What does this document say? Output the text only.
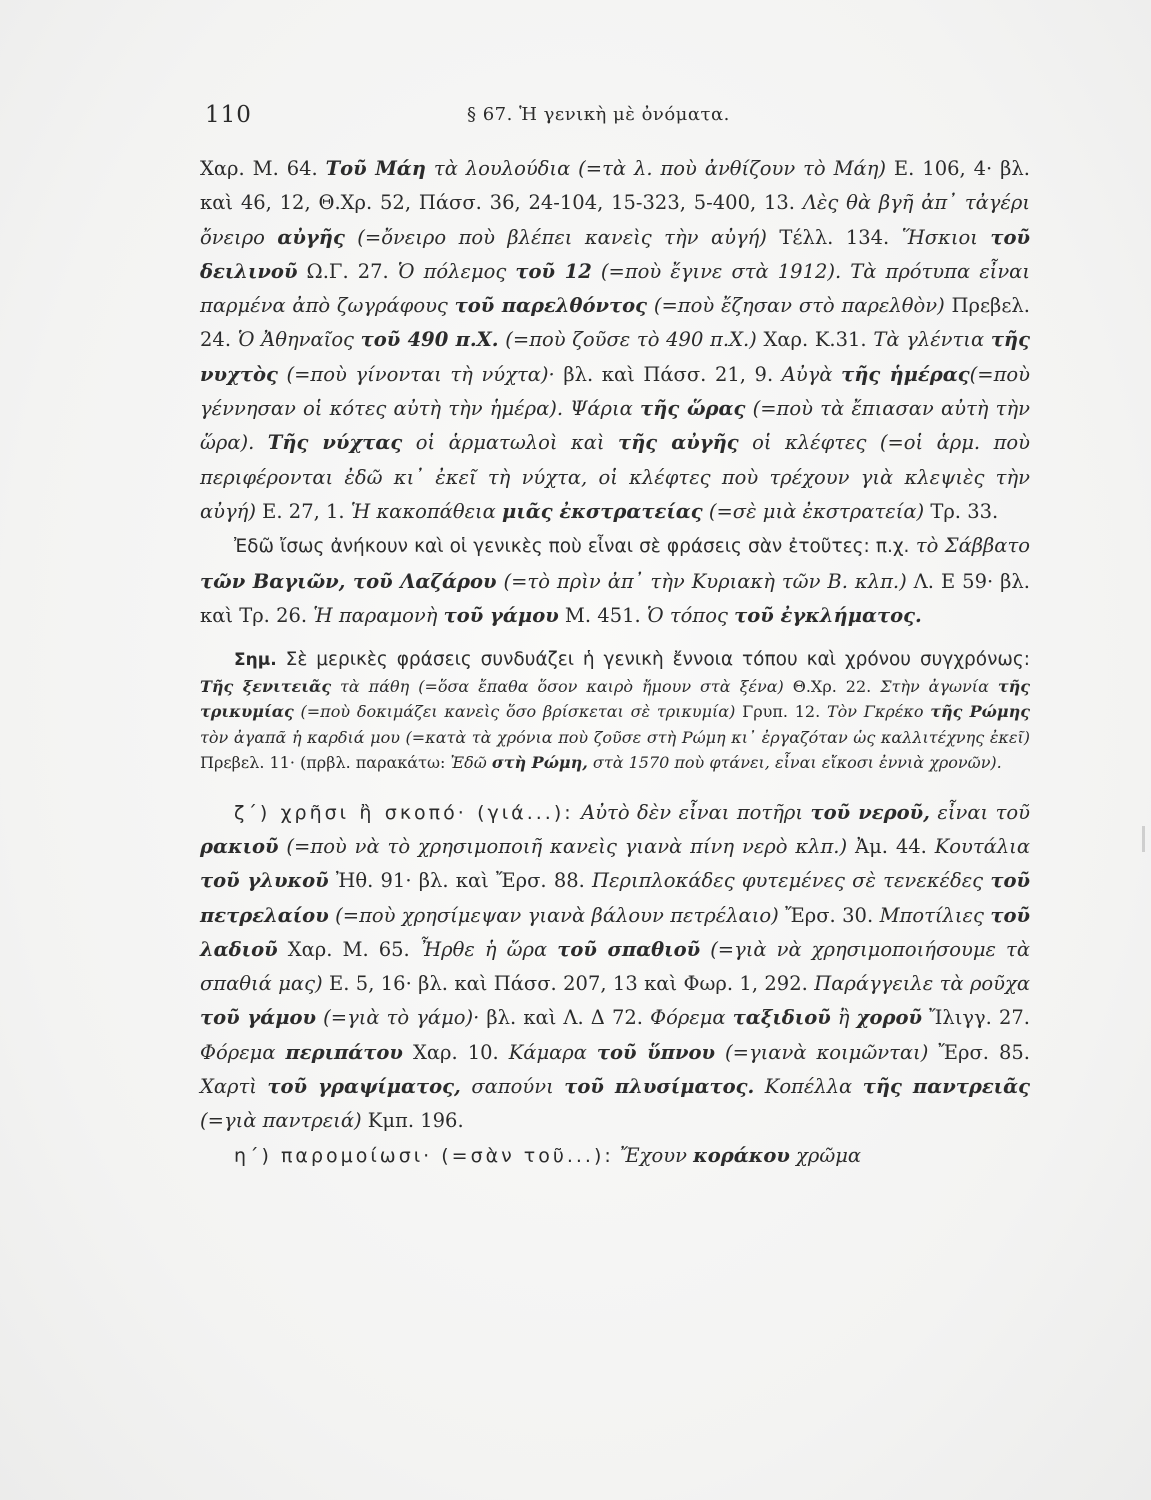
110	§ 67. Ἡ γενικὴ μὲ ὀνόματα.

Χαρ. Μ. 64. Τοῦ Μάη τὰ λουλούδια (=τὰ λ. ποὺ ἀνθίζουν τὸ Μάη) Ε. 106, 4· βλ. καὶ 46, 12, Θ.Χρ. 52, Πάσσ. 36, 24-104, 15-323, 5-400, 13. Λὲς θὰ βγῆ ἀπ᾽ τἀγέρι ὄνειρο αὐγῆς (=ὄνειρο ποὺ βλέπει κανεὶς τὴν αὐγή) Τέλλ. 134. Ἥσκιοι τοῦ δειλινοῦ Ω.Γ. 27. Ὁ πόλεμος τοῦ 12 (=ποὺ ἔγινε στὰ 1912). Τὰ πρότυπα εἶναι παρμένα ἀπὸ ζωγράφους τοῦ παρελθόντος (=ποὺ ἔζησαν στὸ παρελθὸν) Πρεβελ. 24. Ὁ Ἀθηναῖος τοῦ 490 π.Χ. (=ποὺ ζοῦσε τὸ 490 π.Χ.) Χαρ. Κ.31. Τὰ γλέντια τῆς νυχτὸς (=ποὺ γίνονται τὴ νύχτα)· βλ. καὶ Πάσσ. 21, 9. Αὐγὰ τῆς ἡμέρας(=ποὺ γέννησαν οἱ κότες αὐτὴ τὴν ἡμέρα). Ψάρια τῆς ὥρας (=ποὺ τὰ ἔπιασαν αὐτὴ τὴν ὥρα). Τῆς νύχτας οἱ ἁρματωλοὶ καὶ τῆς αὐγῆς οἱ κλέφτες (=οἱ ἁρμ. ποὺ περιφέρονται ἐδῶ κι᾽ ἐκεῖ τὴ νύχτα, οἱ κλέφτες ποὺ τρέχουν γιὰ κλεψιὲς τὴν αὐγή) Ε. 27, 1. Ἡ κακοπάθεια μιᾶς ἐκστρατείας (=σὲ μιὰ ἐκστρατεία) Τρ. 33.

Ἐδῶ ἴσως ἀνήκουν καὶ οἱ γενικὲς ποὺ εἶναι σὲ φράσεις σὰν ἐτοῦτες: π.χ. τὸ Σάββατο τῶν Βαγιῶν, τοῦ Λαζάρου (=τὸ πρὶν ἀπ᾽ τὴν Κυριακὴ τῶν Β. κλπ.) Λ. Ε 59· βλ. καὶ Τρ. 26. Ἡ παραμονὴ τοῦ γάμου Μ. 451. Ὁ τόπος τοῦ ἐγκλήματος.

Σημ. Σὲ μερικὲς φράσεις συνδυάζει ἡ γενικὴ ἔννοια τόπου καὶ χρόνου συγχρόνως: Τῆς ξενιτειᾶς τὰ πάθη (=ὅσα ἔπαθα ὅσον καιρὸ ἤμουν στὰ ξένα) Θ.Χρ. 22. Στὴν ἀγωνία τῆς τρικυμίας (=ποὺ δοκιμάζει κανεὶς ὅσο βρίσκεται σὲ τρικυμία) Γρυπ. 12. Τὸν Γκρέκο τῆς Ρώμης τὸν ἀγαπᾶ ἡ καρδιά μου (=κατὰ τὰ χρόνια ποὺ ζοῦσε στὴ Ρώμη κι᾽ ἐργαζόταν ὡς καλλιτέχνης ἐκεῖ) Πρεβελ. 11· (πρβλ. παρακάτω: Ἐδῶ στὴ Ρώμη, στὰ 1570 ποὺ φτάνει, εἶναι εἴκοσι ἐννιὰ χρονῶν).

ζ´) χρῆσι ἢ σκοπό· (γιά...): Αὐτὸ δὲν εἶναι ποτῆρι τοῦ νεροῦ, εἶναι τοῦ ρακιοῦ (=ποὺ νὰ τὸ χρησιμοποιῆ κανεὶς γιανὰ πίνη νερὸ κλπ.) Ἀμ. 44. Κουτάλια τοῦ γλυκοῦ Ἠθ. 91· βλ. καὶ Ἔρσ. 88. Περιπλοκάδες φυτεμένες σὲ τενεκέδες τοῦ πετρελαίου (=ποὺ χρησίμεψαν γιανὰ βάλουν πετρέλαιο) Ἔρσ. 30. Μποτίλιες τοῦ λαδιοῦ Χαρ. Μ. 65. Ἦρθε ἡ ὥρα τοῦ σπαθιοῦ (=γιὰ νὰ χρησιμοποιήσουμε τὰ σπαθιά μας) Ε. 5, 16· βλ. καὶ Πάσσ. 207, 13 καὶ Φωρ. 1, 292. Παράγγειλε τὰ ροῦχα τοῦ γάμου (=γιὰ τὸ γάμο)· βλ. καὶ Λ. Δ 72. Φόρεμα ταξιδιοῦ ἢ χοροῦ Ἴλιγγ. 27. Φόρεμα περιπάτου Χαρ. 10. Κάμαρα τοῦ ὕπνου (=γιανὰ κοιμῶνται) Ἔρσ. 85. Χαρτὶ τοῦ γραψίματος, σαπούνι τοῦ πλυσίματος. Κοπέλλα τῆς παντρειᾶς (=γιὰ παντρειά) Κμπ. 196.

η´) παρομοίωσι· (=σὰν τοῦ...): Ἔχουν κοράκου χρῶμα
